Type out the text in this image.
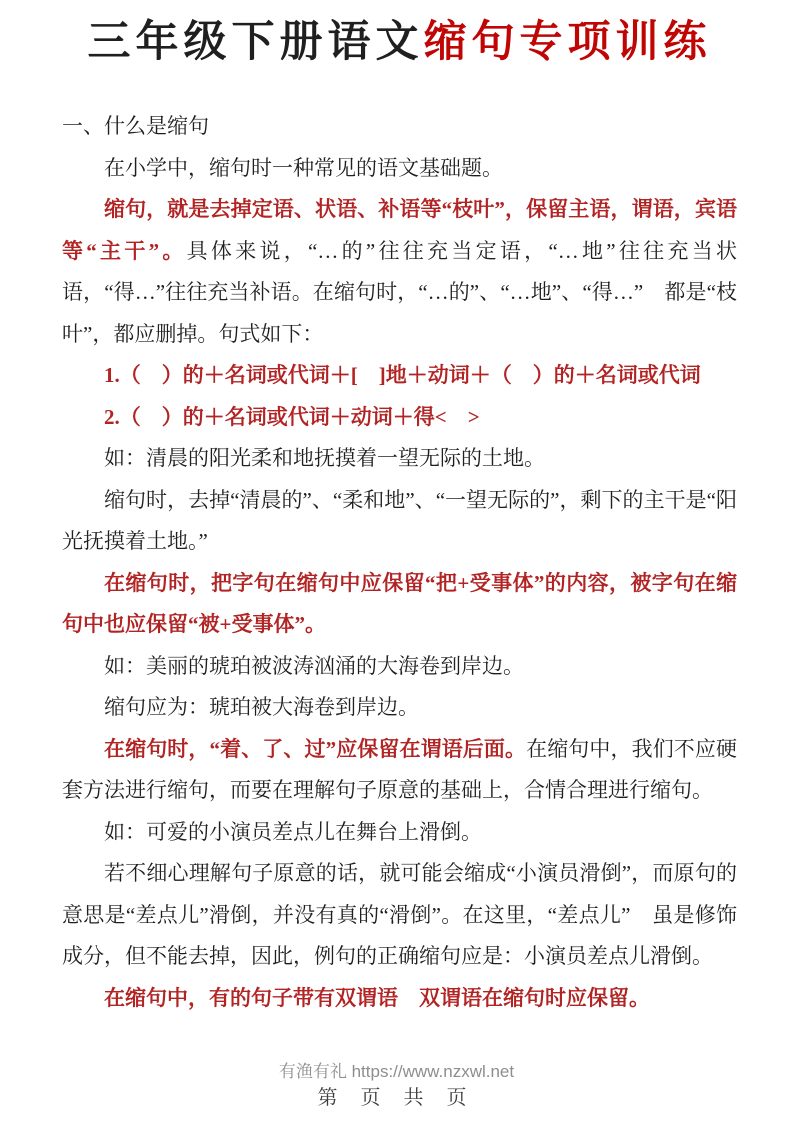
三年级下册语文缩句专项训练

一、什么是缩句

在小学中，缩句时一种常见的语文基础题。

缩句，就是去掉定语、状语、补语等“枝叶”，保留主语，谓语，宾语等“主干”。具体来说，“…的”往往充当定语，“…地”往往充当状语，“得…”往往充当补语。在缩句时，“…的”、“…地”、“得…”　都是“枝叶”，都应删掉。句式如下：

1.（　）的＋名词或代词＋[　]地＋动词＋（　）的＋名词或代词

2.（　）的＋名词或代词＋动词＋得<　>

如：清晨的阳光柔和地抚摸着一望无际的土地。

缩句时，去掉“清晨的”、“柔和地”、“一望无际的”，剩下的主干是“阳光抚摸着土地。”

在缩句时，把字句在缩句中应保留“把+受事体”的内容，被字句在缩句中也应保留“被+受事体”。

如：美丽的琥珀被波涛汹涌的大海卷到岸边。

缩句应为：琥珀被大海卷到岸边。

在缩句时，“着、了、过”应保留在谓语后面。在缩句中，我们不应硬套方法进行缩句，而要在理解句子原意的基础上，合情合理进行缩句。

如：可爱的小演员差点儿在舞台上滑倒。

若不细心理解句子原意的话，就可能会缩成“小演员滑倒”，而原句的意思是“差点儿”滑倒，并没有真的“滑倒”。在这里，“差点儿”　虽是修饰成分，但不能去掉，因此，例句的正确缩句应是：小演员差点儿滑倒。

在缩句中，有的句子带有双谓语　双谓语在缩句时应保留。

有渔有礼 https://www.nzxwl.net
第 页 共 页
